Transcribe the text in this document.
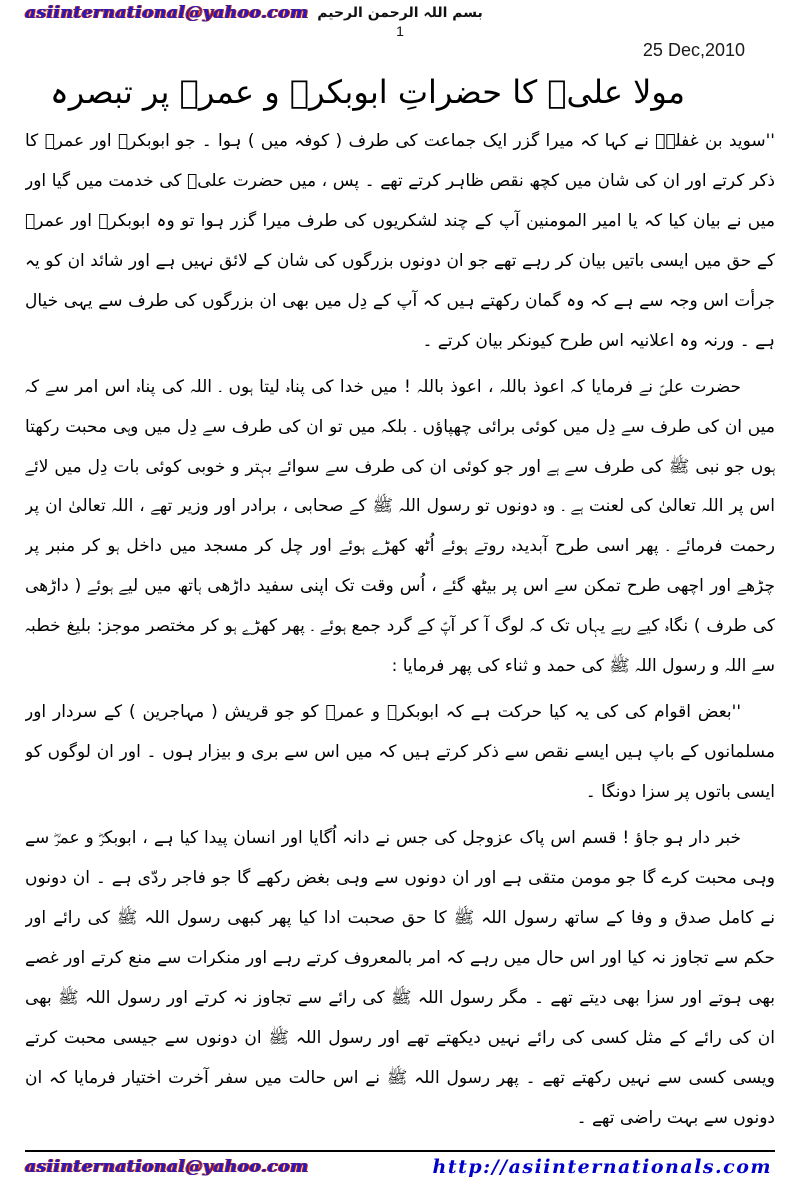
asiinternational@yahoo.com بسم اللہ الرحمن الرحیم
1
25 Dec,2010
مولا علیؑ کا حضراتِ ابوبکرؓ و عمرؓ پر تبصرہ

''سوید بن غفلہؓ نے کہا کہ میرا گزر ایک جماعت کی طرف ( کوفہ میں ) ہوا ۔ جو ابوبکرؓ اور عمرؓ کا ذکر کرتے اور ان کی شان میں کچھ نقص ظاہر کرتے تھے ۔ پس ، میں حضرت علیؑ کی خدمت میں گیا اور میں نے بیان کیا کہ یا امیر المومنین آپ کے چند لشکریوں کی طرف میرا گزر ہوا تو وہ ابوبکرؓ اور عمرؓ کے حق میں ایسی باتیں بیان کر رہے تھے جو ان دونوں بزرگوں کی شان کے لائق نہیں ہے اور شائد ان کو یہ جرأت اس وجہ سے ہے کہ وہ گمان رکھتے ہیں کہ آپ کے دِل میں بھی ان بزرگوں کی طرف سے یہی خیال ہے ۔ ورنہ وہ اعلانیہ اس طرح کیونکر بیان کرتے ۔

حضرت علیؑ نے فرمایا کہ اعوذ باللہ ، اعوذ باللہ ! میں خدا کی پناہ لیتا ہوں ۔ اللہ کی پناہ اس امر سے کہ میں ان کی طرف سے دِل میں کوئی برائی چھپاؤں ۔ بلکہ میں تو ان کی طرف سے دِل میں وہی محبت رکھتا ہوں جو نبی ﷺ کی طرف سے ہے اور جو کوئی ان کی طرف سے سوائے بہتر و خوبی کوئی بات دِل میں لائے اس پر اللہ تعالیٰ کی لعنت ہے ۔ وہ دونوں تو رسول اللہ ﷺ کے صحابی ، برادر اور وزیر تھے ، اللہ تعالیٰ ان پر رحمت فرمائے ۔ پھر اسی طرح آبدیدہ روتے ہوئے اُٹھ کھڑے ہوئے اور چل کر مسجد میں داخل ہو کر منبر پر چڑھے اور اچھی طرح تمکن سے اس پر بیٹھ گئے ، اُس وقت تک اپنی سفید داڑھی ہاتھ میں لیے ہوئے ( داڑھی کی طرف ) نگاہ کیے رہے یہاں تک کہ لوگ آ کر آپؑ کے گرد جمع ہوئے ۔ پھر کھڑے ہو کر مختصر موجز: بلیغ خطبہ سے اللہ و رسول اللہ ﷺ کی حمد و ثناء کی پھر فرمایا :

''بعض اقوام کی کی یہ کیا حرکت ہے کہ ابوبکرؓ و عمرؓ کو جو قریش ( مہاجرین ) کے سردار اور مسلمانوں کے باپ ہیں ایسے نقص سے ذکر کرتے ہیں کہ میں اس سے بری و بیزار ہوں ۔ اور ان لوگوں کو ایسی باتوں پر سزا دونگا ۔

خبر دار ہو جاؤ ! قسم اس پاک عزوجل کی جس نے دانہ اُگایا اور انسان پیدا کیا ہے ، ابوبکرؓ و عمرؓ سے وہی محبت کرے گا جو مومن متقی ہے اور ان دونوں سے وہی بغض رکھے گا جو فاجر ردّی ہے ۔ ان دونوں نے کامل صدق و وفا کے ساتھ رسول اللہ ﷺ کا حق صحبت ادا کیا پھر کبھی رسول اللہ ﷺ کی رائے اور حکم سے تجاوز نہ کیا اور اس حال میں رہے کہ امر بالمعروف کرتے رہے اور منکرات سے منع کرتے اور غصے بھی ہوتے اور سزا بھی دیتے تھے ۔ مگر رسول اللہ ﷺ کی رائے سے تجاوز نہ کرتے اور رسول اللہ ﷺ بھی ان کی رائے کے مثل کسی کی رائے نہیں دیکھتے تھے اور رسول اللہ ﷺ ان دونوں سے جیسی محبت کرتے ویسی کسی سے نہیں رکھتے تھے ۔ پھر رسول اللہ ﷺ نے اس حالت میں سفر آخرت اختیار فرمایا کہ ان دونوں سے بہت راضی تھے ۔

asiinternational@yahoo.com	http://asiinternationals.com
